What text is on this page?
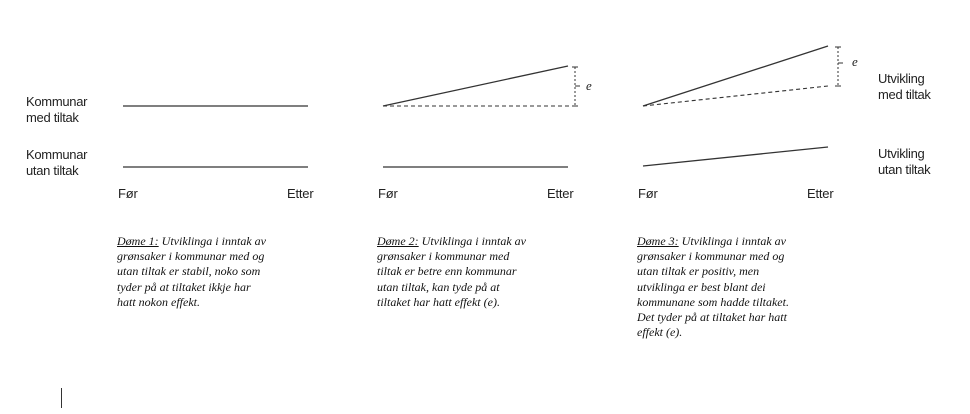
Kommunar
med tiltak
Kommunar
utan tiltak
Utvikling
med tiltak
Utvikling
utan tiltak
e
e
Før	Etter	Før	Etter	Før	Etter
Døme 1: Utviklinga i inntak av
grønsaker i kommunar med og
utan tiltak er stabil, noko som
tyder på at tiltaket ikkje har
hatt nokon effekt.
Døme 2: Utviklinga i inntak av
grønsaker i kommunar med
tiltak er betre enn kommunar
utan tiltak, kan tyde på at
tiltaket har hatt effekt (e).
Døme 3: Utviklinga i inntak av
grønsaker i kommunar med og
utan tiltak er positiv, men
utviklinga er best blant dei
kommunane som hadde tiltaket.
Det tyder på at tiltaket har hatt
effekt (e).
